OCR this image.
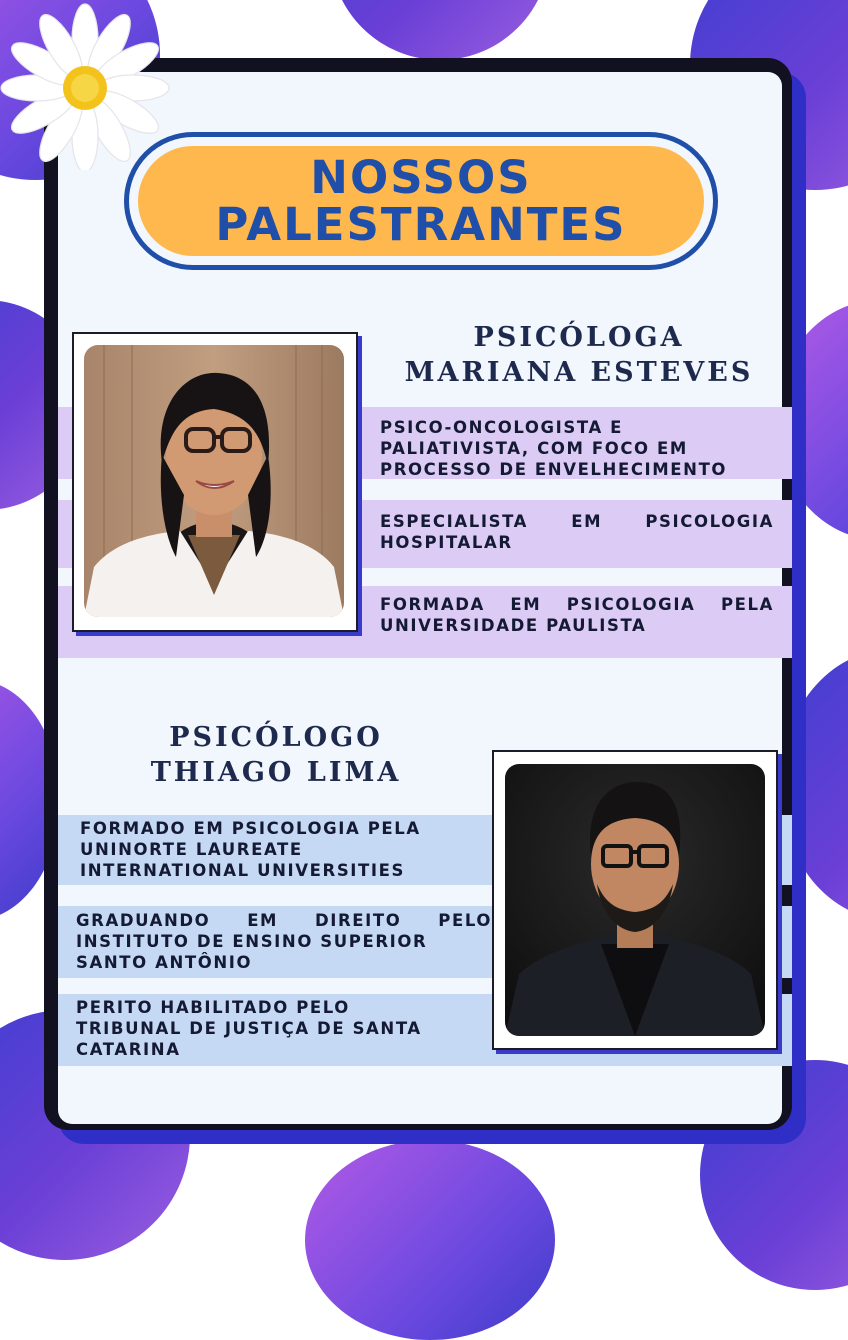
NOSSOS
PALESTRANTES
PSICO-ONCOLOGISTA E
PALIATIVISTA, COM FOCO EM
PROCESSO DE ENVELHECIMENTO
ESPECIALISTA EM PSICOLOGIA
HOSPITALAR
FORMADA EM PSICOLOGIA PELA
UNIVERSIDADE PAULISTA
PSICÓLOGA
MARIANA ESTEVES
PSICÓLOGO
THIAGO LIMA
FORMADO EM PSICOLOGIA PELA
UNINORTE LAUREATE
INTERNATIONAL UNIVERSITIES
GRADUANDO EM DIREITO PELO
INSTITUTO DE ENSINO SUPERIOR
SANTO ANTÔNIO
PERITO HABILITADO PELO
TRIBUNAL DE JUSTIÇA DE SANTA
CATARINA
